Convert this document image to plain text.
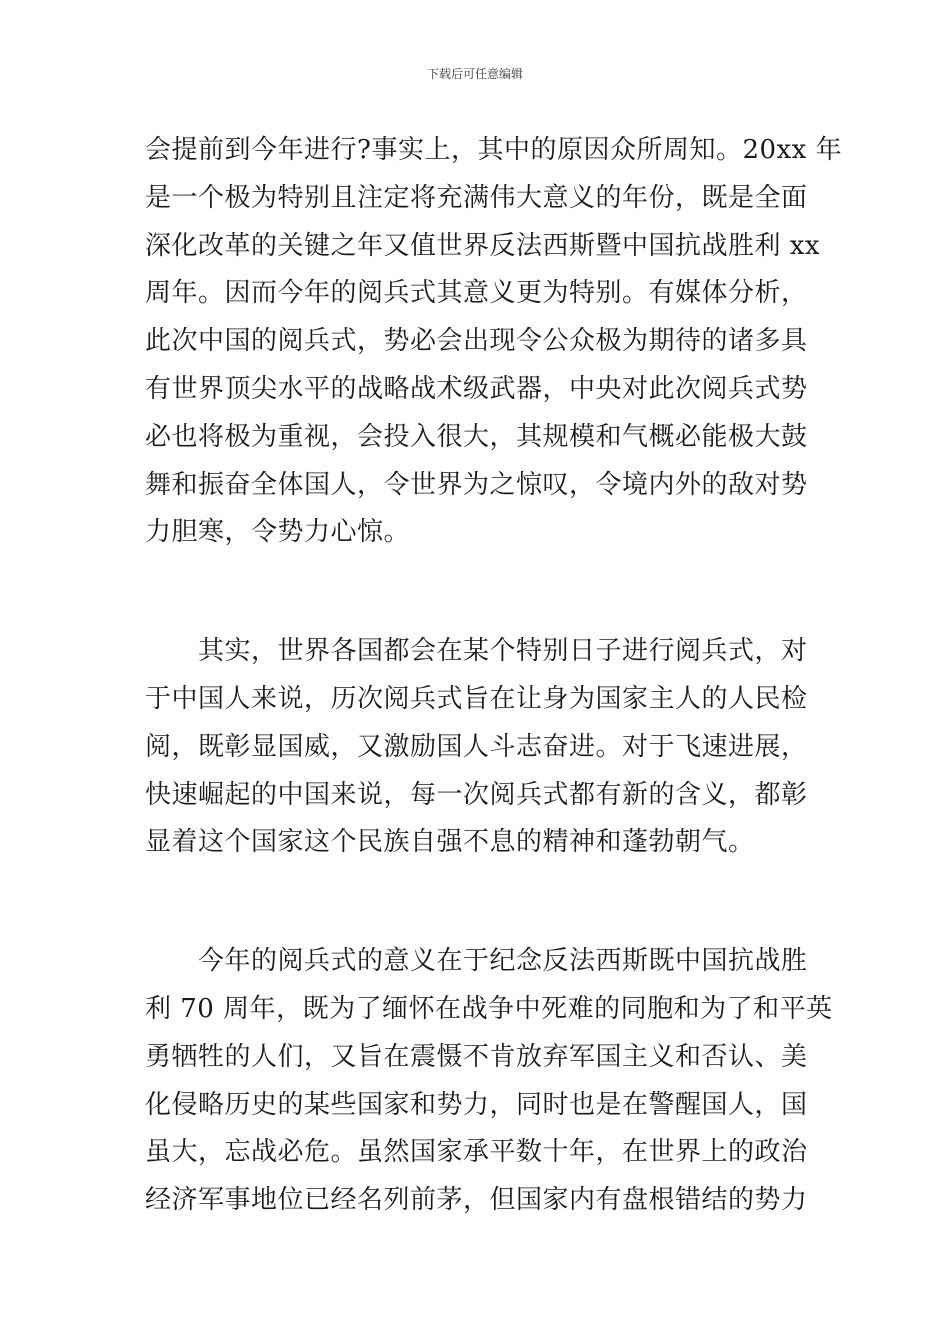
下载后可任意编辑
会提前到今年进行?事实上，其中的原因众所周知。20xx 年
是一个极为特别且注定将充满伟大意义的年份，既是全面
深化改革的关键之年又值世界反法西斯暨中国抗战胜利 xx
周年。因而今年的阅兵式其意义更为特别。有媒体分析，
此次中国的阅兵式，势必会出现令公众极为期待的诸多具
有世界顶尖水平的战略战术级武器，中央对此次阅兵式势
必也将极为重视，会投入很大，其规模和气概必能极大鼓
舞和振奋全体国人，令世界为之惊叹，令境内外的敌对势
力胆寒，令势力心惊。
　　其实，世界各国都会在某个特别日子进行阅兵式，对
于中国人来说，历次阅兵式旨在让身为国家主人的人民检
阅，既彰显国威，又激励国人斗志奋进。对于飞速进展，
快速崛起的中国来说，每一次阅兵式都有新的含义，都彰
显着这个国家这个民族自强不息的精神和蓬勃朝气。
　　今年的阅兵式的意义在于纪念反法西斯既中国抗战胜
利 70 周年，既为了缅怀在战争中死难的同胞和为了和平英
勇牺牲的人们，又旨在震慑不肯放弃军国主义和否认、美
化侵略历史的某些国家和势力，同时也是在警醒国人，国
虽大，忘战必危。虽然国家承平数十年，在世界上的政治
经济军事地位已经名列前茅，但国家内有盘根错结的势力
